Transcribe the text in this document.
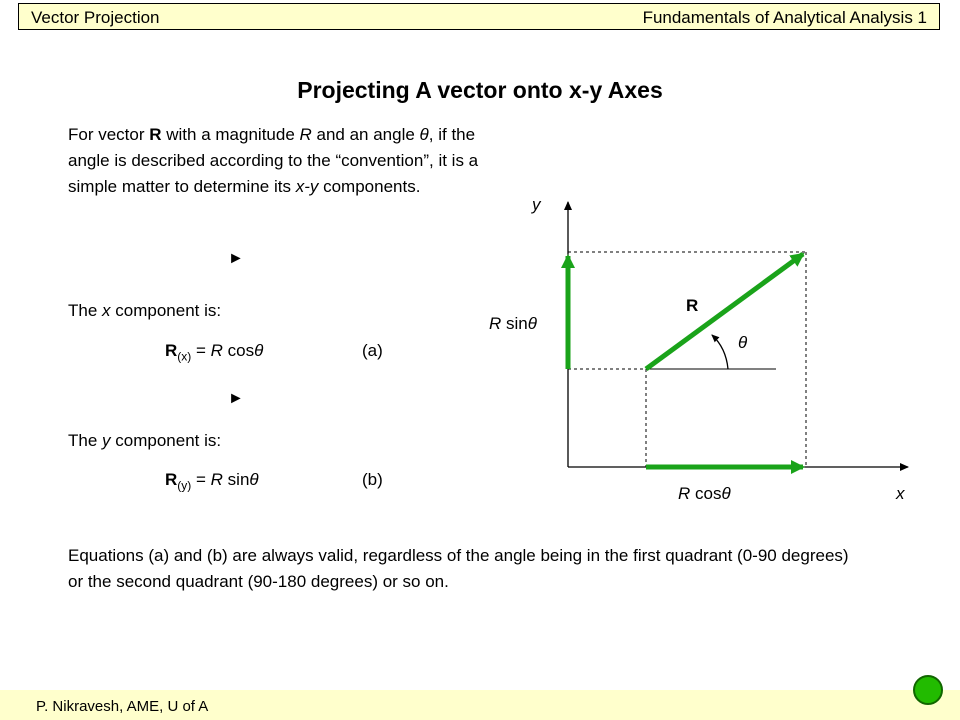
Vector Projection	Fundamentals of Analytical Analysis 1
Projecting A vector onto x-y Axes
For vector R with a magnitude R and an angle θ, if the angle is described according to the “convention”, it is a simple matter to determine its x-y components.
►
The x component is:
$R_{(x)} = R$ cosθ	(a)
►
The y component is:
$R_{(y)} = R$ sinθ	(b)
y
x
R
θ
R sinθ
R cosθ
Equations (a) and (b) are always valid, regardless of the angle being in the first quadrant (0-90 degrees) or the second quadrant (90-180 degrees) or so on.
P. Nikravesh, AME, U of A
